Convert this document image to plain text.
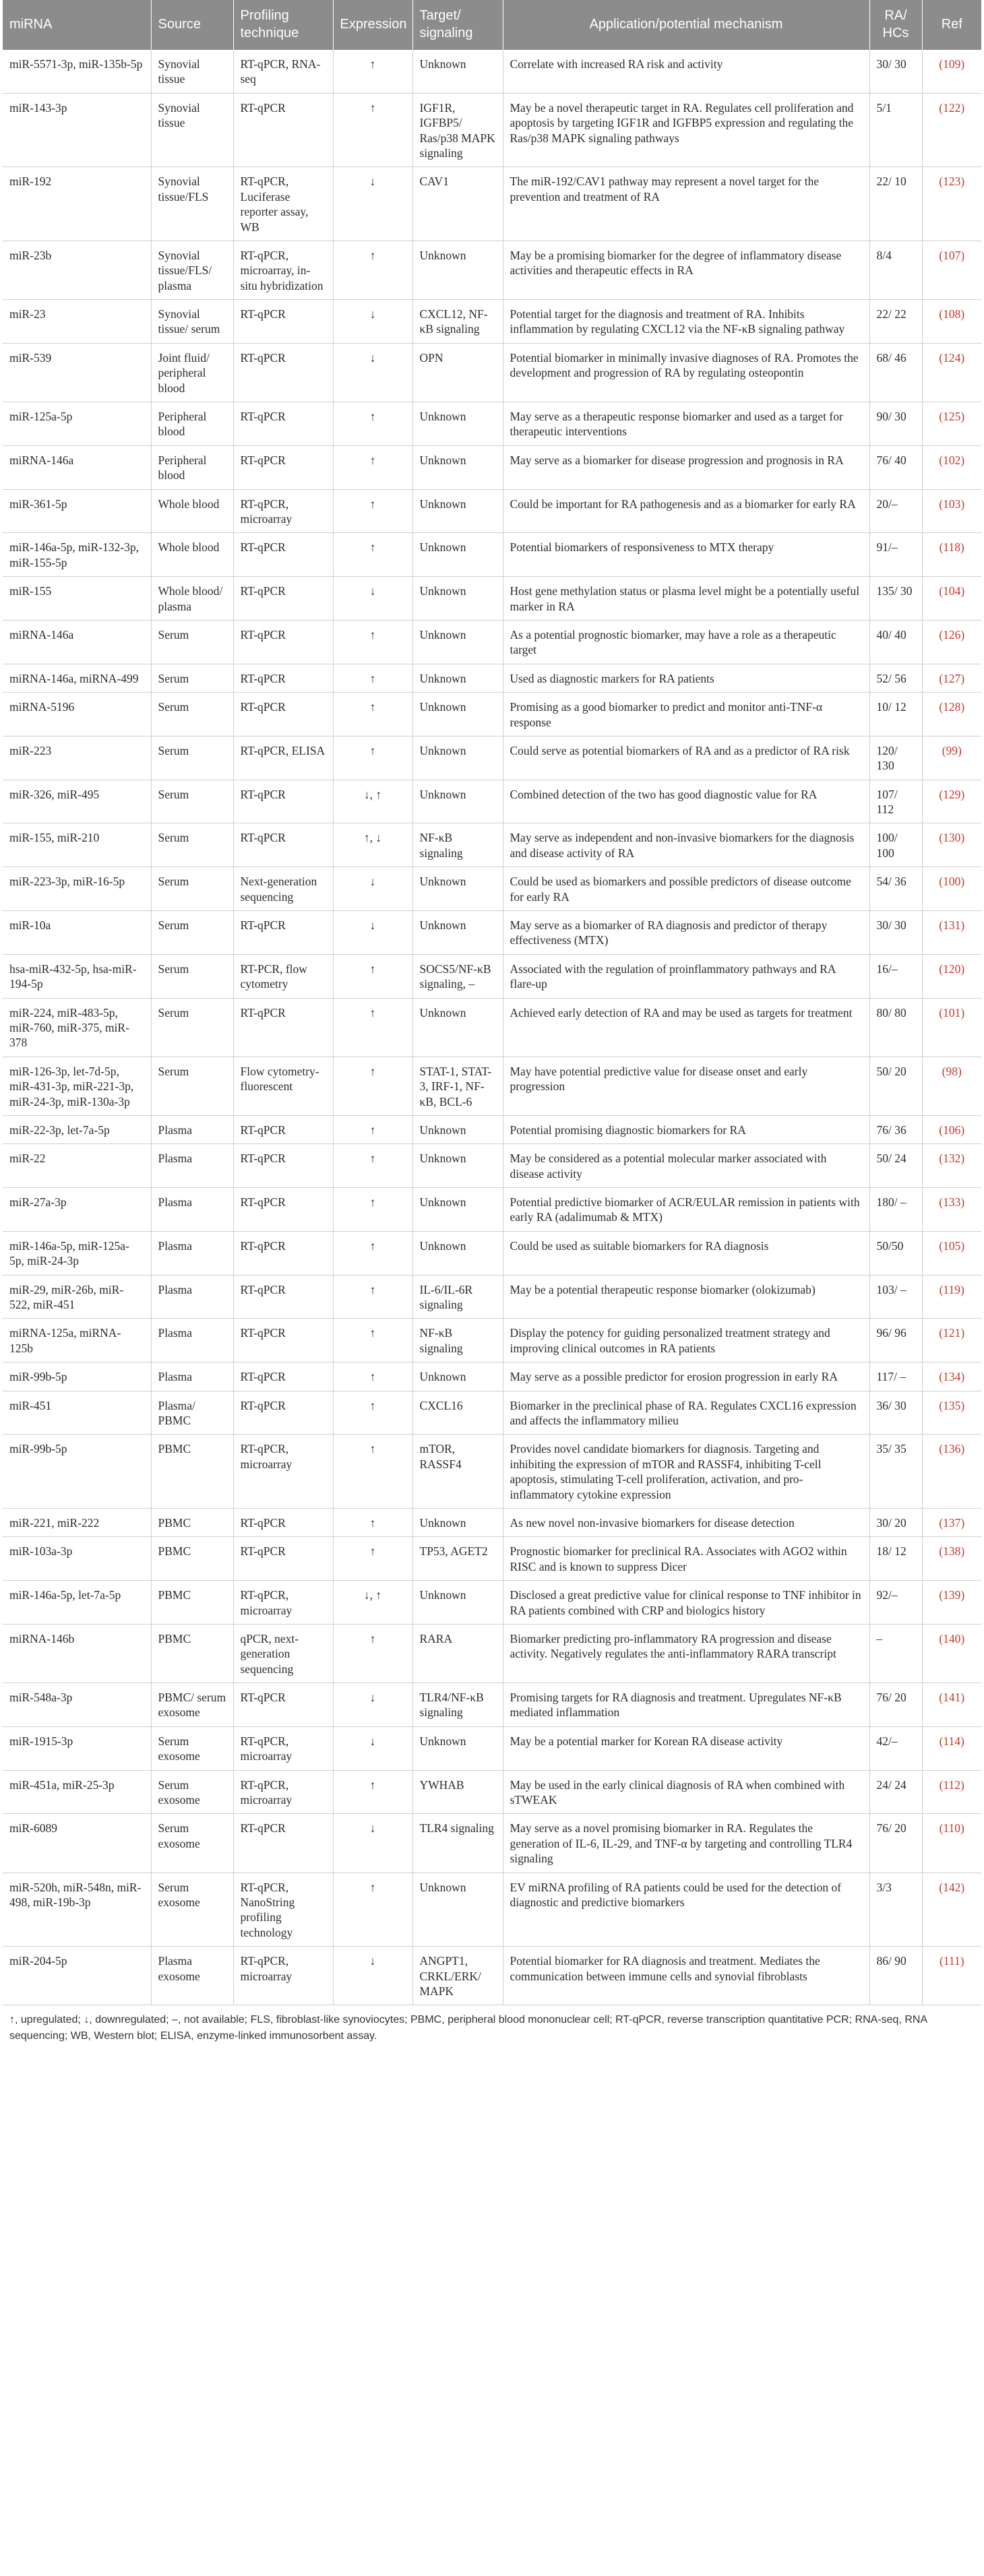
miRNA	Source	Profiling technique	Expression	Target/ signaling	Application/potential mechanism	RA/ HCs	Ref
miR-5571-3p, miR-135b-5p	Synovial tissue	RT-qPCR, RNA-seq	↑	Unknown	Correlate with increased RA risk and activity	30/ 30	(109)
miR-143-3p	Synovial tissue	RT-qPCR	↑	IGF1R, IGFBP5/ Ras/p38 MAPK signaling	May be a novel therapeutic target in RA. Regulates cell proliferation and apoptosis by targeting IGF1R and IGFBP5 expression and regulating the Ras/p38 MAPK signaling pathways	5/1	(122)
miR-192	Synovial tissue/FLS	RT-qPCR, Luciferase reporter assay, WB	↓	CAV1	The miR-192/CAV1 pathway may represent a novel target for the prevention and treatment of RA	22/ 10	(123)
miR-23b	Synovial tissue/FLS/ plasma	RT-qPCR, microarray, in-situ hybridization	↑	Unknown	May be a promising biomarker for the degree of inflammatory disease activities and therapeutic effects in RA	8/4	(107)
miR-23	Synovial tissue/ serum	RT-qPCR	↓	CXCL12, NF-κB signaling	Potential target for the diagnosis and treatment of RA. Inhibits inflammation by regulating CXCL12 via the NF-κB signaling pathway	22/ 22	(108)
miR-539	Joint fluid/ peripheral blood	RT-qPCR	↓	OPN	Potential biomarker in minimally invasive diagnoses of RA. Promotes the development and progression of RA by regulating osteopontin	68/ 46	(124)
miR-125a-5p	Peripheral blood	RT-qPCR	↑	Unknown	May serve as a therapeutic response biomarker and used as a target for therapeutic interventions	90/ 30	(125)
miRNA-146a	Peripheral blood	RT-qPCR	↑	Unknown	May serve as a biomarker for disease progression and prognosis in RA	76/ 40	(102)
miR-361-5p	Whole blood	RT-qPCR, microarray	↑	Unknown	Could be important for RA pathogenesis and as a biomarker for early RA	20/–	(103)
miR-146a-5p, miR-132-3p, miR-155-5p	Whole blood	RT-qPCR	↑	Unknown	Potential biomarkers of responsiveness to MTX therapy	91/–	(118)
miR-155	Whole blood/ plasma	RT-qPCR	↓	Unknown	Host gene methylation status or plasma level might be a potentially useful marker in RA	135/ 30	(104)
miRNA-146a	Serum	RT-qPCR	↑	Unknown	As a potential prognostic biomarker, may have a role as a therapeutic target	40/ 40	(126)
miRNA-146a, miRNA-499	Serum	RT-qPCR	↑	Unknown	Used as diagnostic markers for RA patients	52/ 56	(127)
miRNA-5196	Serum	RT-qPCR	↑	Unknown	Promising as a good biomarker to predict and monitor anti-TNF-α response	10/ 12	(128)
miR-223	Serum	RT-qPCR, ELISA	↑	Unknown	Could serve as potential biomarkers of RA and as a predictor of RA risk	120/ 130	(99)
miR-326, miR-495	Serum	RT-qPCR	↓, ↑	Unknown	Combined detection of the two has good diagnostic value for RA	107/ 112	(129)
miR-155, miR-210	Serum	RT-qPCR	↑, ↓	NF-κB signaling	May serve as independent and non-invasive biomarkers for the diagnosis and disease activity of RA	100/ 100	(130)
miR-223-3p, miR-16-5p	Serum	Next-generation sequencing	↓	Unknown	Could be used as biomarkers and possible predictors of disease outcome for early RA	54/ 36	(100)
miR-10a	Serum	RT-qPCR	↓	Unknown	May serve as a biomarker of RA diagnosis and predictor of therapy effectiveness (MTX)	30/ 30	(131)
hsa-miR-432-5p, hsa-miR-194-5p	Serum	RT-PCR, flow cytometry	↑	SOCS5/NF-κB signaling, –	Associated with the regulation of proinflammatory pathways and RA flare-up	16/–	(120)
miR-224, miR-483-5p, miR-760, miR-375, miR-378	Serum	RT-qPCR	↑	Unknown	Achieved early detection of RA and may be used as targets for treatment	80/ 80	(101)
miR-126-3p, let-7d-5p, miR-431-3p, miR-221-3p, miR-24-3p, miR-130a-3p	Serum	Flow cytometry-fluorescent	↑	STAT-1, STAT-3, IRF-1, NF-κB, BCL-6	May have potential predictive value for disease onset and early progression	50/ 20	(98)
miR-22-3p, let-7a-5p	Plasma	RT-qPCR	↑	Unknown	Potential promising diagnostic biomarkers for RA	76/ 36	(106)
miR-22	Plasma	RT-qPCR	↑	Unknown	May be considered as a potential molecular marker associated with disease activity	50/ 24	(132)
miR-27a-3p	Plasma	RT-qPCR	↑	Unknown	Potential predictive biomarker of ACR/EULAR remission in patients with early RA (adalimumab & MTX)	180/ –	(133)
miR-146a-5p, miR-125a-5p, miR-24-3p	Plasma	RT-qPCR	↑	Unknown	Could be used as suitable biomarkers for RA diagnosis	50/50	(105)
miR-29, miR-26b, miR-522, miR-451	Plasma	RT-qPCR	↑	IL-6/IL-6R signaling	May be a potential therapeutic response biomarker (olokizumab)	103/ –	(119)
miRNA-125a, miRNA-125b	Plasma	RT-qPCR	↑	NF-κB signaling	Display the potency for guiding personalized treatment strategy and improving clinical outcomes in RA patients	96/ 96	(121)
miR-99b-5p	Plasma	RT-qPCR	↑	Unknown	May serve as a possible predictor for erosion progression in early RA	117/ –	(134)
miR-451	Plasma/ PBMC	RT-qPCR	↑	CXCL16	Biomarker in the preclinical phase of RA. Regulates CXCL16 expression and affects the inflammatory milieu	36/ 30	(135)
miR-99b-5p	PBMC	RT-qPCR, microarray	↑	mTOR, RASSF4	Provides novel candidate biomarkers for diagnosis. Targeting and inhibiting the expression of mTOR and RASSF4, inhibiting T-cell apoptosis, stimulating T-cell proliferation, activation, and pro-inflammatory cytokine expression	35/ 35	(136)
miR-221, miR-222	PBMC	RT-qPCR	↑	Unknown	As new novel non-invasive biomarkers for disease detection	30/ 20	(137)
miR-103a-3p	PBMC	RT-qPCR	↑	TP53, AGET2	Prognostic biomarker for preclinical RA. Associates with AGO2 within RISC and is known to suppress Dicer	18/ 12	(138)
miR-146a-5p, let-7a-5p	PBMC	RT-qPCR, microarray	↓, ↑	Unknown	Disclosed a great predictive value for clinical response to TNF inhibitor in RA patients combined with CRP and biologics history	92/–	(139)
miRNA-146b	PBMC	qPCR, next-generation sequencing	↑	RARA	Biomarker predicting pro-inflammatory RA progression and disease activity. Negatively regulates the anti-inflammatory RARA transcript	–	(140)
miR-548a-3p	PBMC/ serum exosome	RT-qPCR	↓	TLR4/NF-κB signaling	Promising targets for RA diagnosis and treatment. Upregulates NF-κB mediated inflammation	76/ 20	(141)
miR-1915-3p	Serum exosome	RT-qPCR, microarray	↓	Unknown	May be a potential marker for Korean RA disease activity	42/–	(114)
miR-451a, miR-25-3p	Serum exosome	RT-qPCR, microarray	↑	YWHAB	May be used in the early clinical diagnosis of RA when combined with sTWEAK	24/ 24	(112)
miR-6089	Serum exosome	RT-qPCR	↓	TLR4 signaling	May serve as a novel promising biomarker in RA. Regulates the generation of IL-6, IL-29, and TNF-α by targeting and controlling TLR4 signaling	76/ 20	(110)
miR-520h, miR-548n, miR-498, miR-19b-3p	Serum exosome	RT-qPCR, NanoString profiling technology	↑	Unknown	EV miRNA profiling of RA patients could be used for the detection of diagnostic and predictive biomarkers	3/3	(142)
miR-204-5p	Plasma exosome	RT-qPCR, microarray	↓	ANGPT1, CRKL/ERK/ MAPK	Potential biomarker for RA diagnosis and treatment. Mediates the communication between immune cells and synovial fibroblasts	86/ 90	(111)
↑, upregulated; ↓, downregulated; –, not available; FLS, fibroblast-like synoviocytes; PBMC, peripheral blood mononuclear cell; RT-qPCR, reverse transcription quantitative PCR; RNA-seq, RNA sequencing; WB, Western blot; ELISA, enzyme-linked immunosorbent assay.
